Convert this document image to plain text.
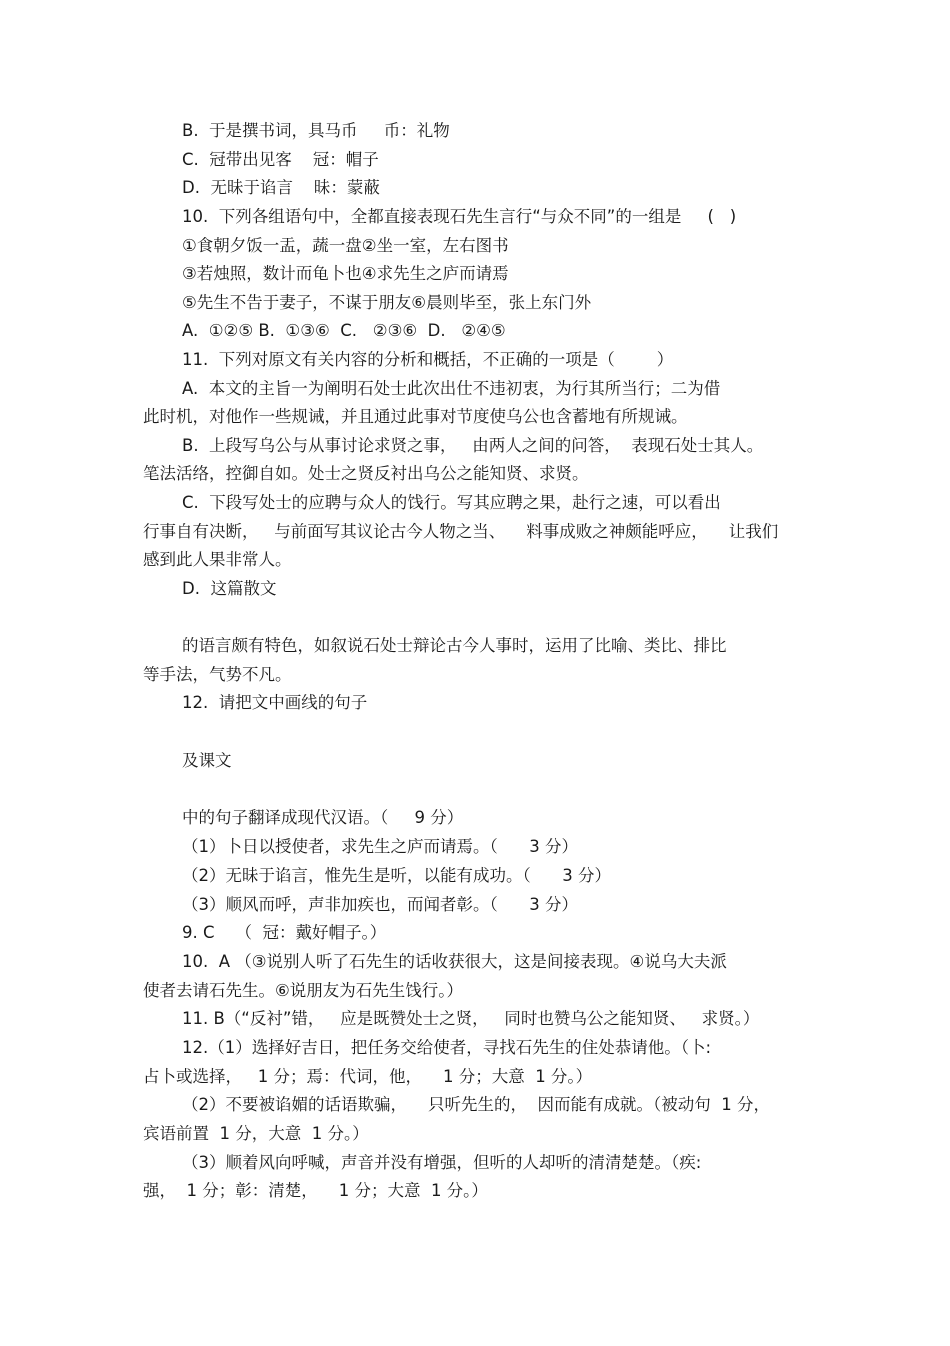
B.  于是撰书词，具马币     币：礼物
C.  冠带出见客    冠：帽子
D.  无昧于谄言    昧：蒙蔽
10.  下列各组语句中，全都直接表现石先生言行“与众不同”的一组是     (   )
①食朝夕饭一盂，蔬一盘②坐一室，左右图书
③若烛照，数计而龟卜也④求先生之庐而请焉
⑤先生不告于妻子，不谋于朋友⑥晨则毕至，张上东门外
A.  ①②⑤ B.  ①③⑥  C.   ②③⑥  D.   ②④⑤
11.  下列对原文有关内容的分析和概括，不正确的一项是（        ）
A.  本文的主旨一为阐明石处士此次出仕不违初衷，为行其所当行；二为借
此时机，对他作一些规诫，并且通过此事对节度使乌公也含蓄地有所规诫。
B.  上段写乌公与从事讨论求贤之事，   由两人之间的问答，  表现石处士其人。
笔法活络，控御自如。处士之贤反衬出乌公之能知贤、求贤。
C.  下段写处士的应聘与众人的饯行。写其应聘之果，赴行之速，可以看出
行事自有决断，   与前面写其议论古今人物之当、    料事成败之神颇能呼应，    让我们
感到此人果非常人。
D.  这篇散文
的语言颇有特色，如叙说石处士辩论古今人事时，运用了比喻、类比、排比
等手法，气势不凡。
12.  请把文中画线的句子
及课文
中的句子翻译成现代汉语。（     9 分）
（1）卜日以授使者，求先生之庐而请焉。（      3 分）
（2）无昧于谄言，惟先生是听，以能有成功。（      3 分）
（3）顺风而呼，声非加疾也，而闻者彰。（      3 分）
9. C    （  冠：戴好帽子。）
10.  A （③说别人听了石先生的话收获很大，这是间接表现。④说乌大夫派
使者去请石先生。⑥说朋友为石先生饯行。）
11. B（“反衬”错，   应是既赞处士之贤，   同时也赞乌公之能知贤、   求贤。）
12.（1）选择好吉日，把任务交给使者，寻找石先生的住处恭请他。（卜:
占卜或选择，   1 分；焉：代词，他，    1 分；大意  1 分。）
（2）不要被谄媚的话语欺骗，    只听先生的，  因而能有成就。（被动句  1 分，
宾语前置  1 分，大意  1 分。）
（3）顺着风向呼喊，声音并没有增强，但听的人却听的清清楚楚。（疾:
强，  1 分；彰：清楚，    1 分；大意  1 分。）
